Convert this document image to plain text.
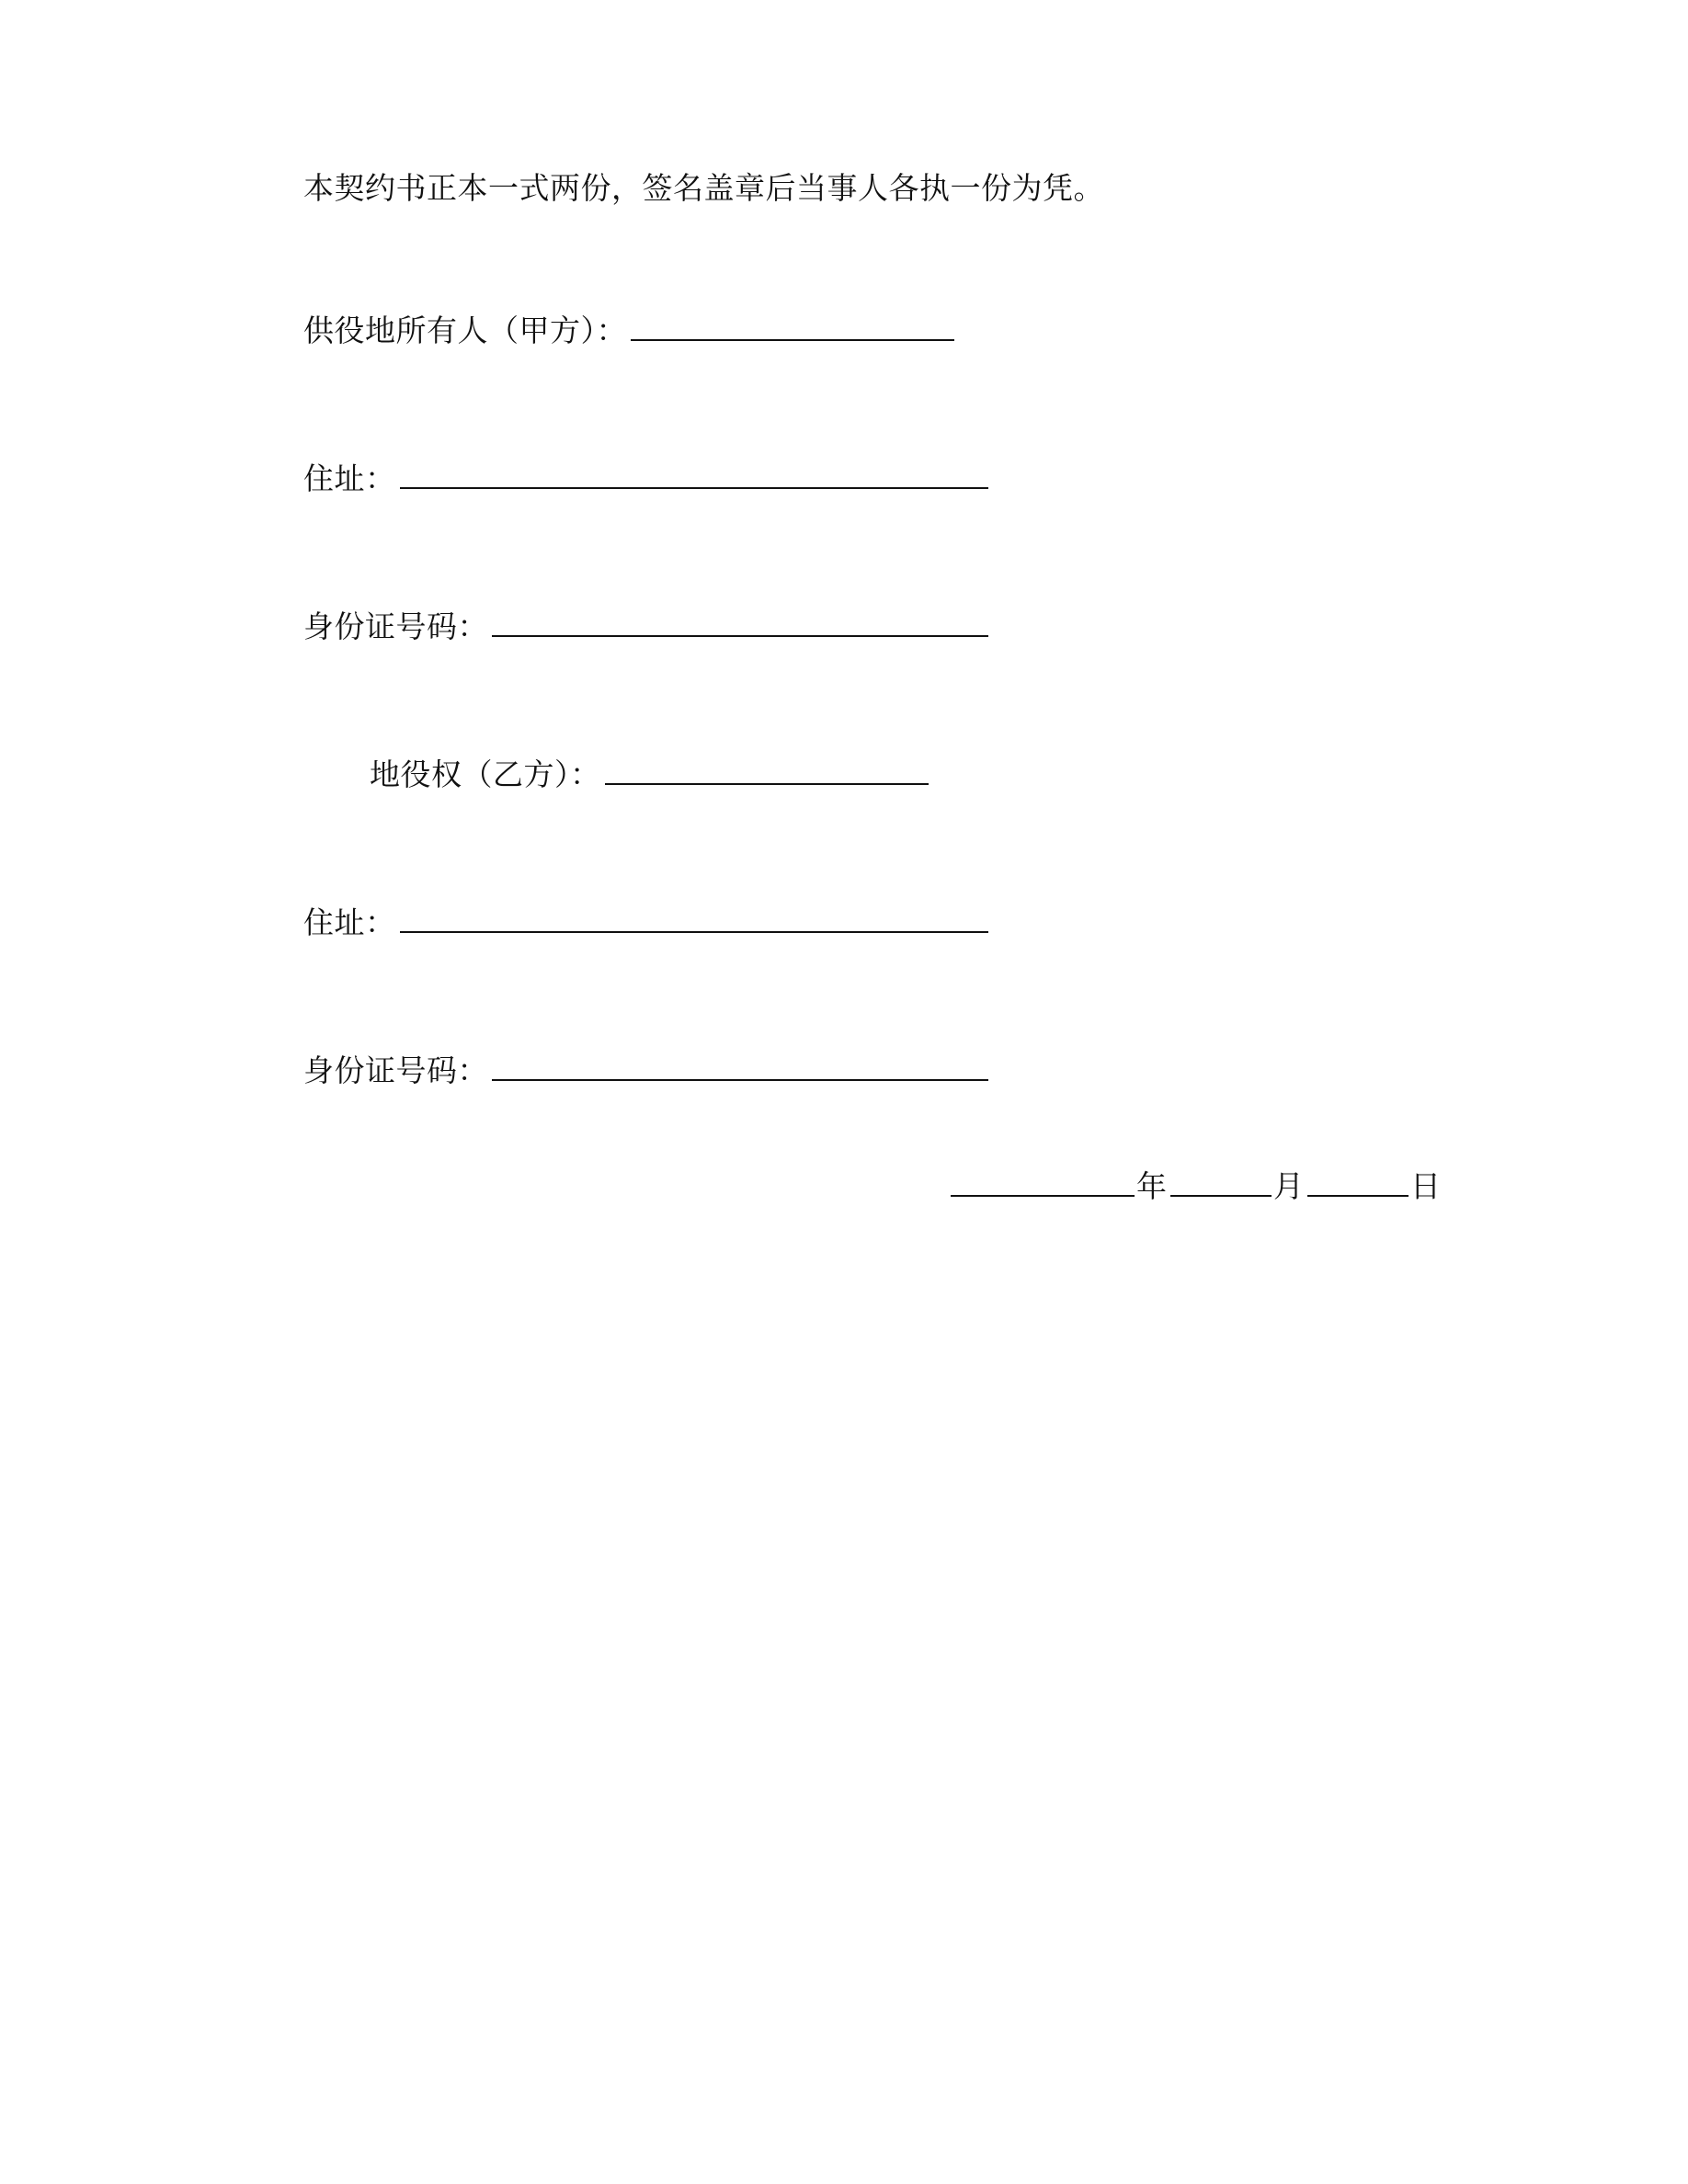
本契约书正本一式两份，签名盖章后当事人各执一份为凭。
供役地所有人（甲方）：
住址：
身份证号码：
地役权（乙方）：
住址：
身份证号码：
年	月	日
